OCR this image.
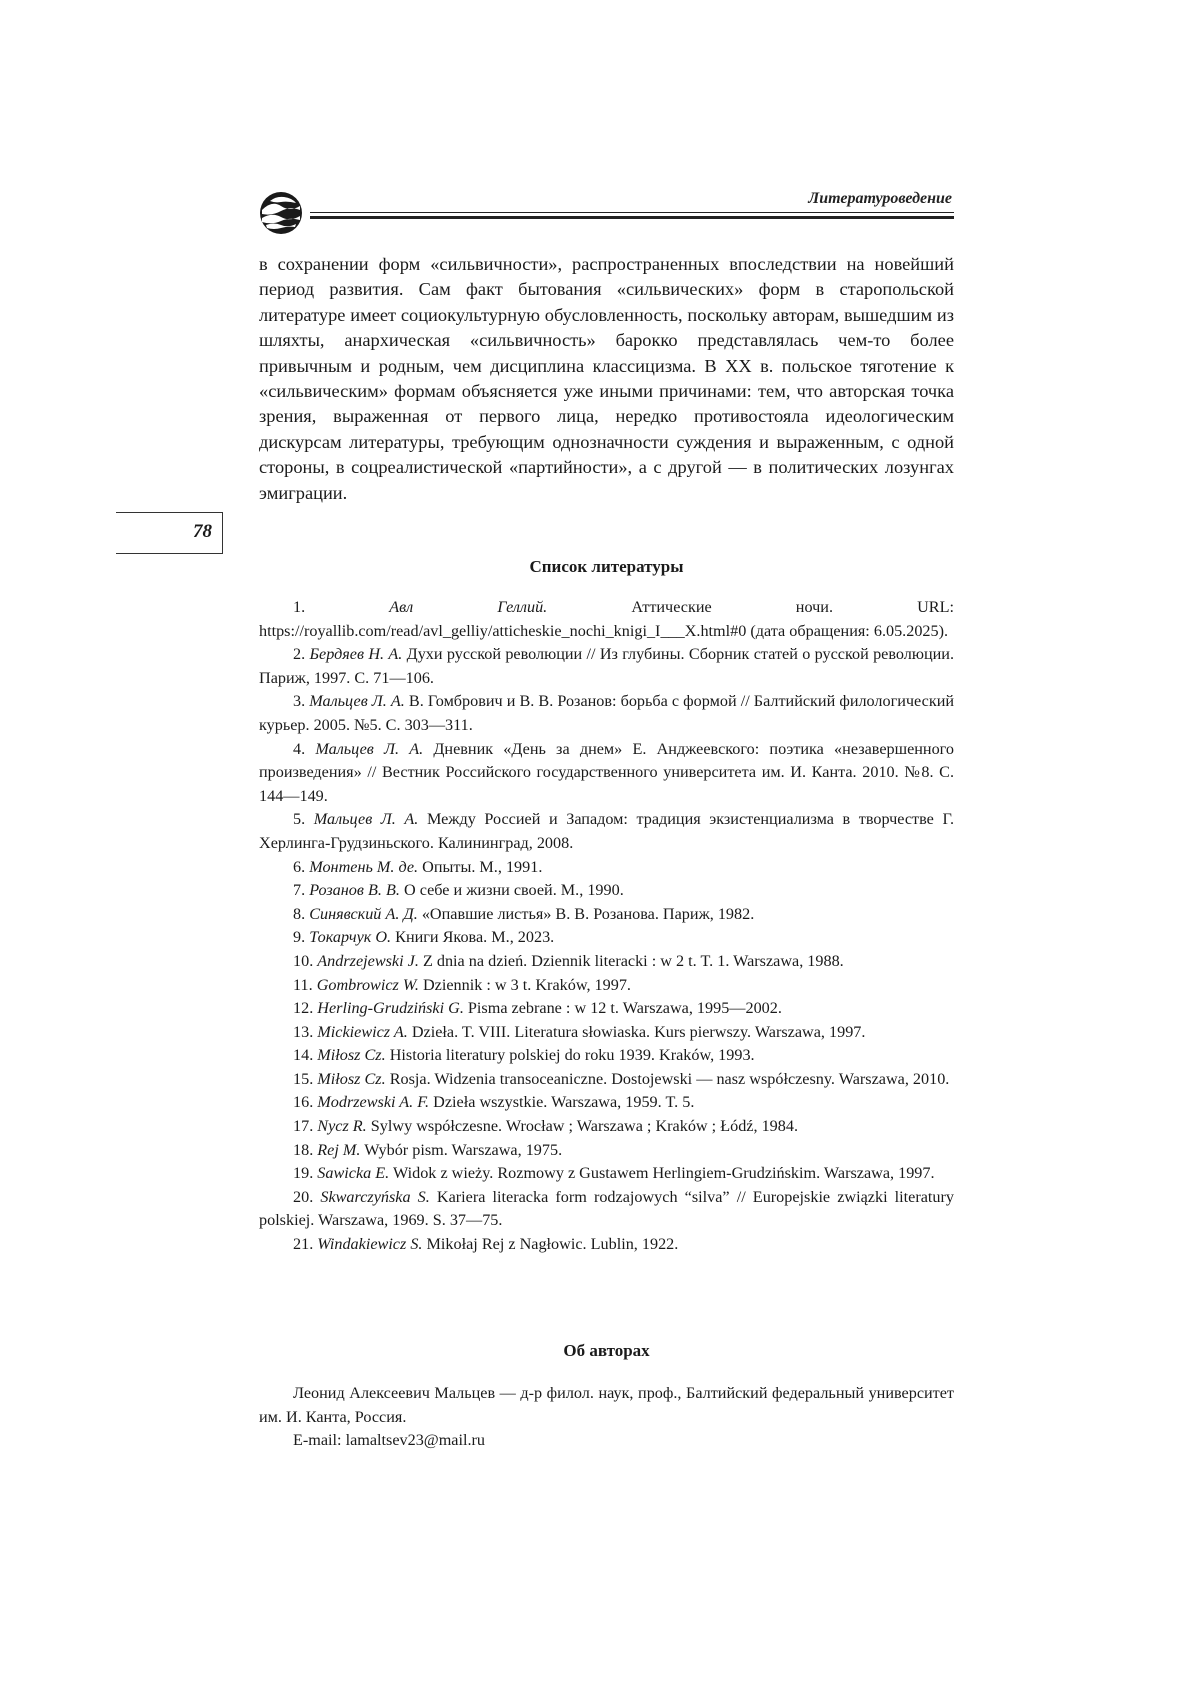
Литературоведение
78

в сохранении форм «сильвичности», распространенных впоследствии на новейший период развития. Сам факт бытования «сильвических» форм в старопольской литературе имеет социокультурную обусловленность, поскольку авторам, вышедшим из шляхты, анархическая «сильвичность» барокко представлялась чем-то более привычным и родным, чем дисциплина классицизма. В XX в. польское тяготение к «сильвическим» формам объясняется уже иными причинами: тем, что авторская точка зрения, выраженная от первого лица, нередко противостояла идеологическим дискурсам литературы, требующим однозначности суждения и выраженным, с одной стороны, в соцреалистической «партийности», а с другой — в политических лозунгах эмиграции.

Список литературы

1.	Авл Геллий.	Аттические ночи. URL: https://royallib.com/read/avl_gelliy/atticheskie_nochi_knigi_I___X.html#0 (дата обращения: 6.05.2025).

2. Бердяев Н. А. Духи русской революции // Из глубины. Сборник статей о русской революции. Париж, 1997. С. 71—106.

3. Мальцев Л. А. В. Гомбрович и В. В. Розанов: борьба с формой // Балтийский филологический курьер. 2005. №5. С. 303—311.

4. Мальцев Л. А. Дневник «День за днем» Е. Анджеевского: поэтика «незавершенного произведения» // Вестник Российского государственного университета им. И. Канта. 2010. №8. С. 144—149.

5. Мальцев Л. А. Между Россией и Западом: традиция экзистенциализма в творчестве Г. Херлинга-Грудзиньского. Калининград, 2008.

6. Монтень М. де. Опыты. М., 1991.

7. Розанов В. В. О себе и жизни своей. М., 1990.

8. Синявский А. Д. «Опавшие листья» В. В. Розанова. Париж, 1982.

9. Токарчук О. Книги Якова. М., 2023.

10. Andrzejewski J. Z dnia na dzień. Dziennik literacki : w 2 t. T. 1. Warszawa, 1988.

11. Gombrowicz W. Dziennik : w 3 t. Kraków, 1997.

12. Herling-Grudziński G. Pisma zebrane : w 12 t. Warszawa, 1995—2002.

13. Mickiewicz A. Dzieła. T. VIII. Literatura słowiaska. Kurs pierwszy. Warszawa, 1997.

14. Miłosz Cz. Historia literatury polskiej do roku 1939. Kraków, 1993.

15. Miłosz Cz. Rosja. Widzenia transoceaniczne. Dostojewski — nasz współczesny. Warszawa, 2010.

16. Modrzewski A. F. Dzieła wszystkie. Warszawa, 1959. T. 5.

17. Nycz R. Sylwy współczesne. Wrocław ; Warszawa ; Kraków ; Łódź, 1984.

18. Rej M. Wybór pism. Warszawa, 1975.

19. Sawicka E. Widok z wieży. Rozmowy z Gustawem Herlingiem-Grudzińskim. Warszawa, 1997.

20. Skwarczyńska S. Kariera literacka form rodzajowych “silva” // Europejskie związki literatury polskiej. Warszawa, 1969. S. 37—75.

21. Windakiewicz S. Mikołaj Rej z Nagłowic. Lublin, 1922.

Об авторах

Леонид Алексеевич Мальцев — д-р филол. наук, проф., Балтийский федеральный университет им. И. Канта, Россия.

E-mail: lamaltsev23@mail.ru
